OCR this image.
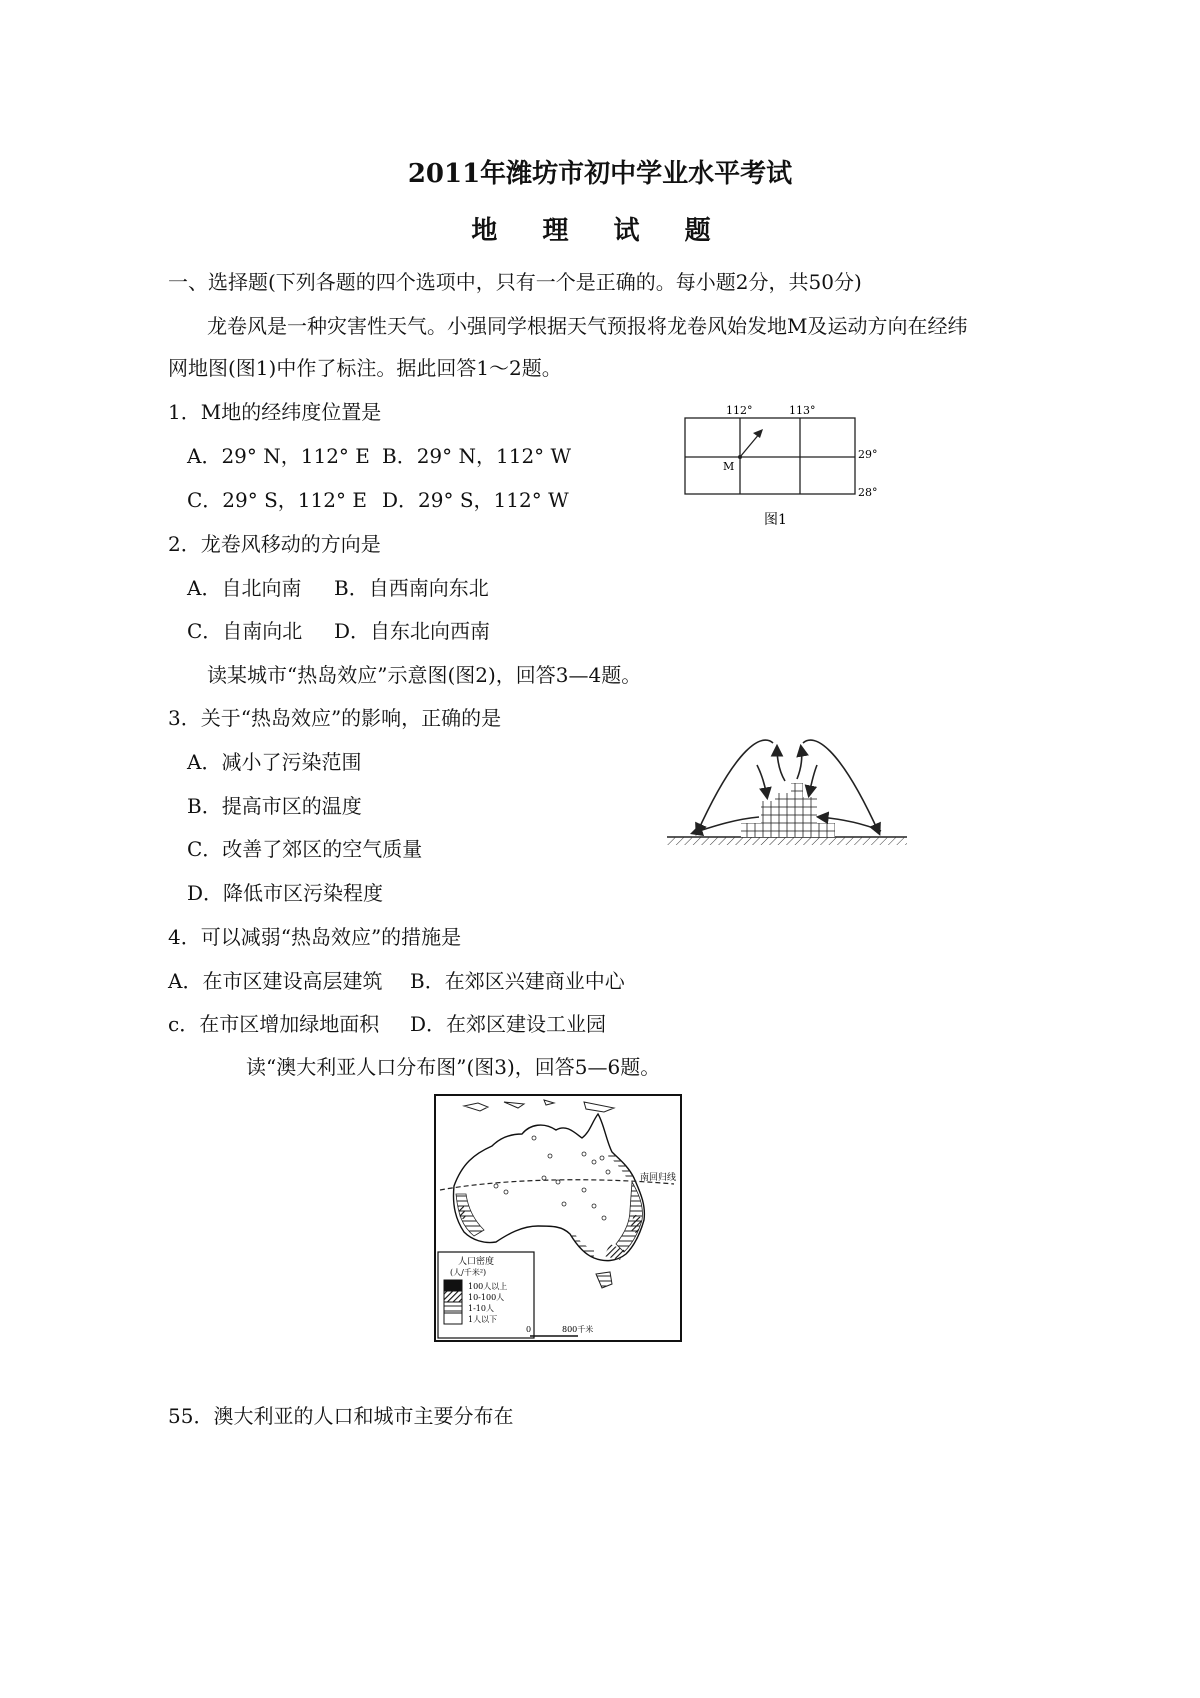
2011年潍坊市初中学业水平考试
地 理 试 题
一、选择题(下列各题的四个选项中，只有一个是正确的。每小题2分，共50分)
龙卷风是一种灾害性天气。小强同学根据天气预报将龙卷风始发地M及运动方向在经纬
网地图(图1)中作了标注。据此回答1～2题。
1．M地的经纬度位置是
A．29° N，112° E B．29° N，112° W
C．29° S，112° E D．29° S，112° W
112°	113°
29°
28°
M
图1
2．龙卷风移动的方向是
A．自北向南 B．自西南向东北
C．自南向北 D．自东北向西南
读某城市“热岛效应”示意图(图2)，回答3—4题。
3．关于“热岛效应”的影响，正确的是
A．减小了污染范围
B．提高市区的温度
C．改善了郊区的空气质量
D．降低市区污染程度
4．可以减弱“热岛效应”的措施是
A．在市区建设高层建筑 B．在郊区兴建商业中心
c．在市区增加绿地面积 D．在郊区建设工业园
读“澳大利亚人口分布图”(图3)，回答5—6题。
南回归线
人口密度
(人/千米²)
100人以上
10-100人
1-10人
1人以下
0	800千米
55．澳大利亚的人口和城市主要分布在
